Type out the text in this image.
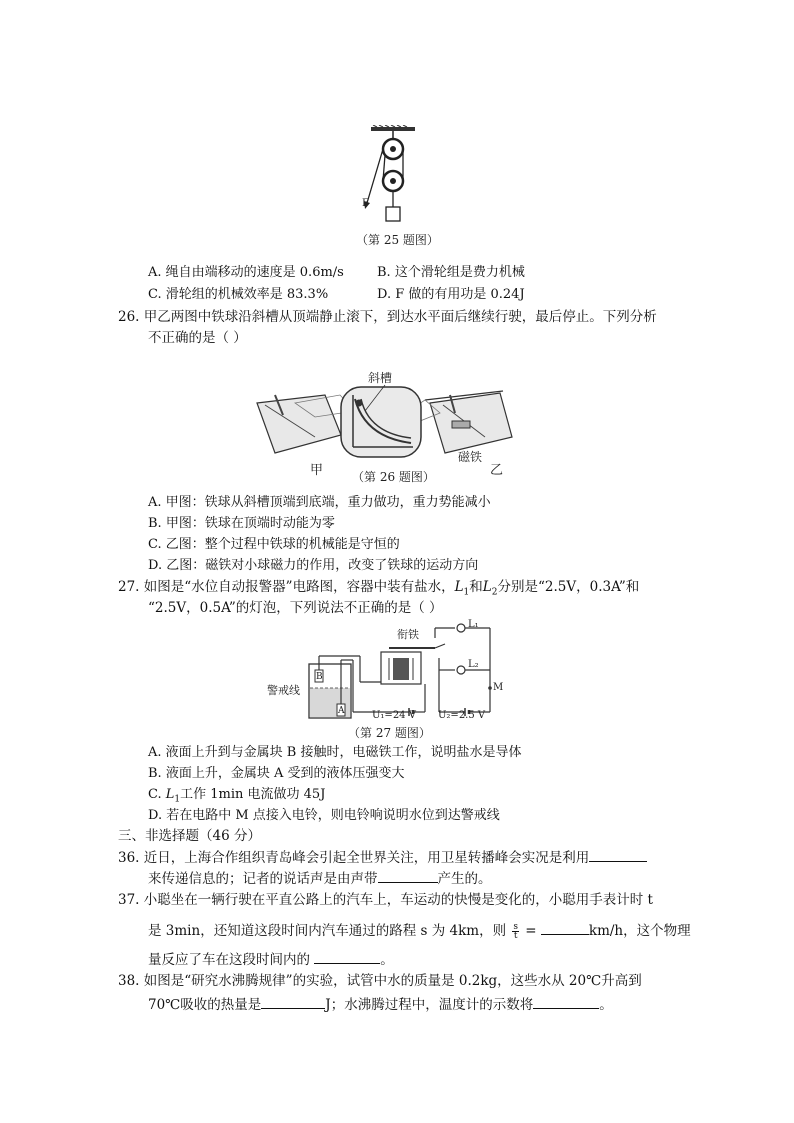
F
（第 25 题图）
A. 绳自由端移动的速度是 0.6m/s	B. 这个滑轮组是费力机械
C. 滑轮组的机械效率是 83.3%	D. F 做的有用功是 0.24J
26. 甲乙两图中铁球沿斜槽从顶端静止滚下，到达水平面后继续行驶，最后停止。下列分析
不正确的是（ ）
斜槽
磁铁
甲	乙
（第 26 题图）
A. 甲图：铁球从斜槽顶端到底端，重力做功，重力势能减小
B. 甲图：铁球在顶端时动能为零
C. 乙图：整个过程中铁球的机械能是守恒的
D. 乙图：磁铁对小球磁力的作用，改变了铁球的运动方向
27. 如图是“水位自动报警器”电路图，容器中装有盐水，$L_1$和$L_2$分别是“2.5V，0.3A”和
“2.5V，0.5A”的灯泡，下列说法不正确的是（ ）
衔铁
L₁
L₂
B
A
警戒线	M
U₁=24 V U₂=2.5 V
（第 27 题图）
A. 液面上升到与金属块 B 接触时，电磁铁工作，说明盐水是导体
B. 液面上升，金属块 A 受到的液体压强变大
C. $L_1$工作 1min 电流做功 45J
D. 若在电路中 M 点接入电铃，则电铃响说明水位到达警戒线
三、非选择题（46 分）
36. 近日，上海合作组织青岛峰会引起全世界关注，用卫星转播峰会实况是利用
来传递信息的；记者的说话声是由声带	产生的。
37. 小聪坐在一辆行驶在平直公路上的汽车上，车运动的快慢是变化的，小聪用手表计时 t
是 3min，还知道这段时间内汽车通过的路程 s 为 4km，则 $\frac{s}{t}$ =	km/h，这个物理
量反应了车在这段时间内的	。
38. 如图是“研究水沸腾规律”的实验，试管中水的质量是 0.2kg，这些水从 20℃升高到
70℃吸收的热量是	J；水沸腾过程中，温度计的示数将	。
